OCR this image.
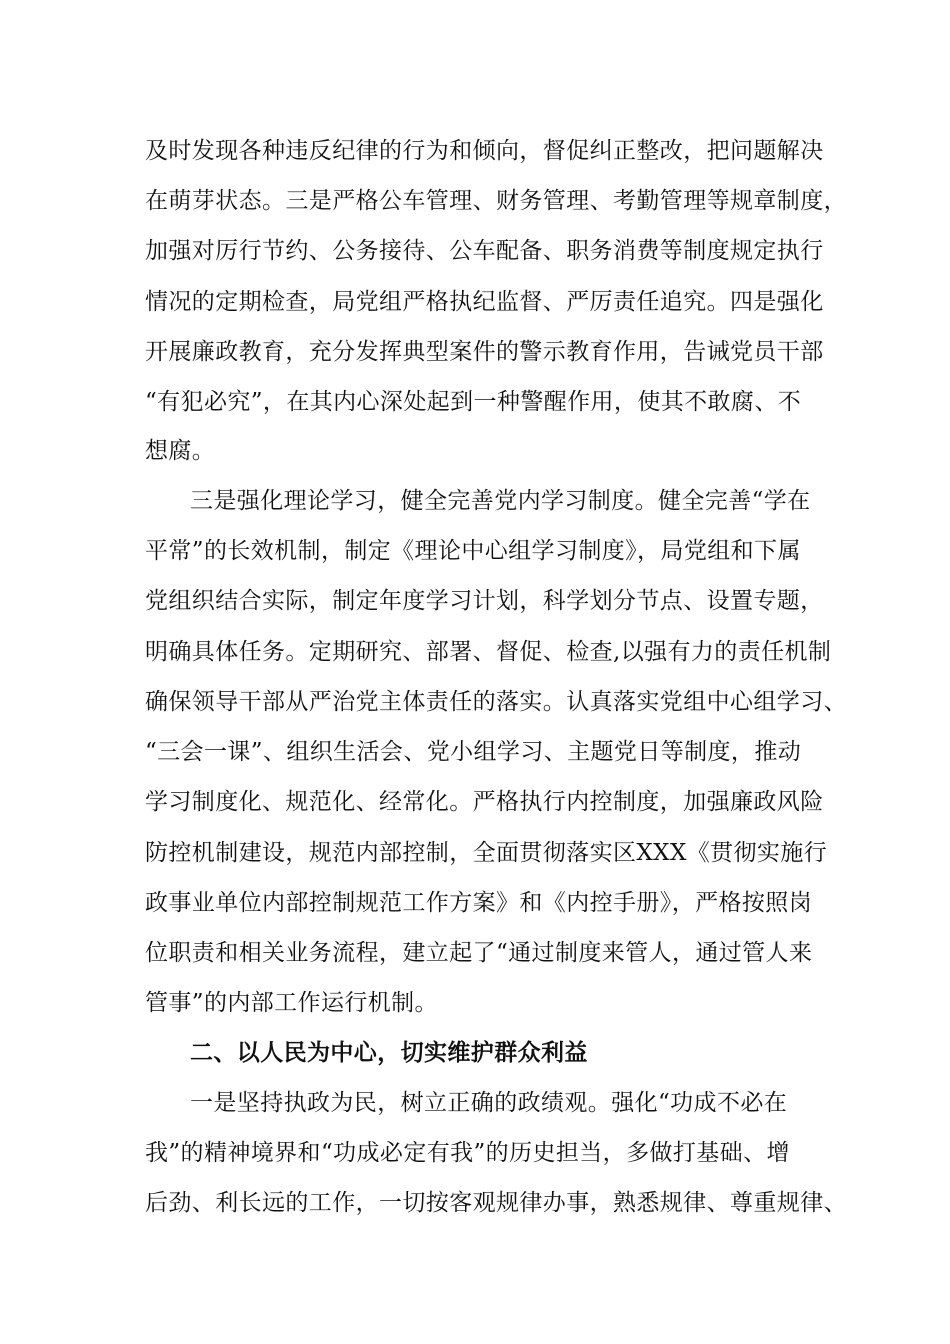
及时发现各种违反纪律的行为和倾向，督促纠正整改，把问题解决
在萌芽状态。三是严格公车管理、财务管理、考勤管理等规章制度，
加强对厉行节约、公务接待、公车配备、职务消费等制度规定执行
情况的定期检查，局党组严格执纪监督、严厉责任追究。四是强化
开展廉政教育，充分发挥典型案件的警示教育作用，告诫党员干部
“有犯必究”，在其内心深处起到一种警醒作用，使其不敢腐、不
想腐。
三是强化理论学习，健全完善党内学习制度。健全完善“学在
平常”的长效机制，制定《理论中心组学习制度》，局党组和下属
党组织结合实际，制定年度学习计划，科学划分节点、设置专题，
明确具体任务。定期研究、部署、督促、检查,以强有力的责任机制
确保领导干部从严治党主体责任的落实。认真落实党组中心组学习、
“三会一课”、组织生活会、党小组学习、主题党日等制度，推动
学习制度化、规范化、经常化。严格执行内控制度，加强廉政风险
防控机制建设，规范内部控制，全面贯彻落实区XXX《贯彻实施行
政事业单位内部控制规范工作方案》和《内控手册》，严格按照岗
位职责和相关业务流程，建立起了“通过制度来管人，通过管人来
管事”的内部工作运行机制。
二、以人民为中心，切实维护群众利益
一是坚持执政为民，树立正确的政绩观。强化“功成不必在
我”的精神境界和“功成必定有我”的历史担当，多做打基础、增
后劲、利长远的工作，一切按客观规律办事，熟悉规律、尊重规律、
